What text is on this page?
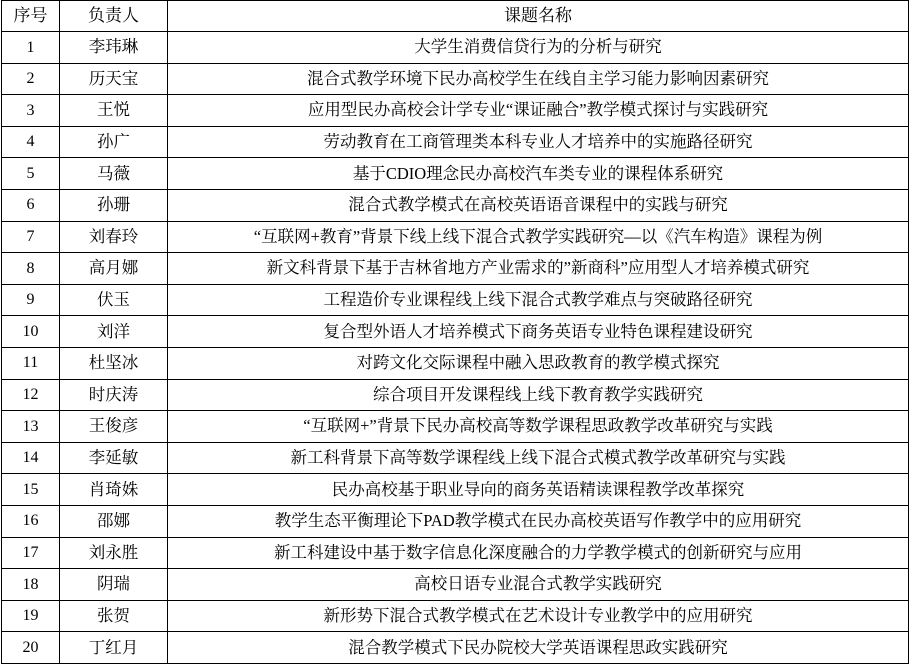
序号	负责人	课题名称
1	李玮琳	大学生消费信贷行为的分析与研究
2	历天宝	混合式教学环境下民办高校学生在线自主学习能力影响因素研究
3	王悦	应用型民办高校会计学专业“课证融合”教学模式探讨与实践研究
4	孙广	劳动教育在工商管理类本科专业人才培养中的实施路径研究
5	马薇	基于CDIO理念民办高校汽车类专业的课程体系研究
6	孙珊	混合式教学模式在高校英语语音课程中的实践与研究
7	刘春玲	“互联网+教育”背景下线上线下混合式教学实践研究—以《汽车构造》课程为例
8	高月娜	新文科背景下基于吉林省地方产业需求的”新商科”应用型人才培养模式研究
9	伏玉	工程造价专业课程线上线下混合式教学难点与突破路径研究
10	刘洋	复合型外语人才培养模式下商务英语专业特色课程建设研究
11	杜坚冰	对跨文化交际课程中融入思政教育的教学模式探究
12	时庆涛	综合项目开发课程线上线下教育教学实践研究
13	王俊彦	“互联网+”背景下民办高校高等数学课程思政教学改革研究与实践
14	李延敏	新工科背景下高等数学课程线上线下混合式模式教学改革研究与实践
15	肖琦姝	民办高校基于职业导向的商务英语精读课程教学改革探究
16	邵娜	教学生态平衡理论下PAD教学模式在民办高校英语写作教学中的应用研究
17	刘永胜	新工科建设中基于数字信息化深度融合的力学教学模式的创新研究与应用
18	阴瑞	高校日语专业混合式教学实践研究
19	张贺	新形势下混合式教学模式在艺术设计专业教学中的应用研究
20	丁红月	混合教学模式下民办院校大学英语课程思政实践研究
